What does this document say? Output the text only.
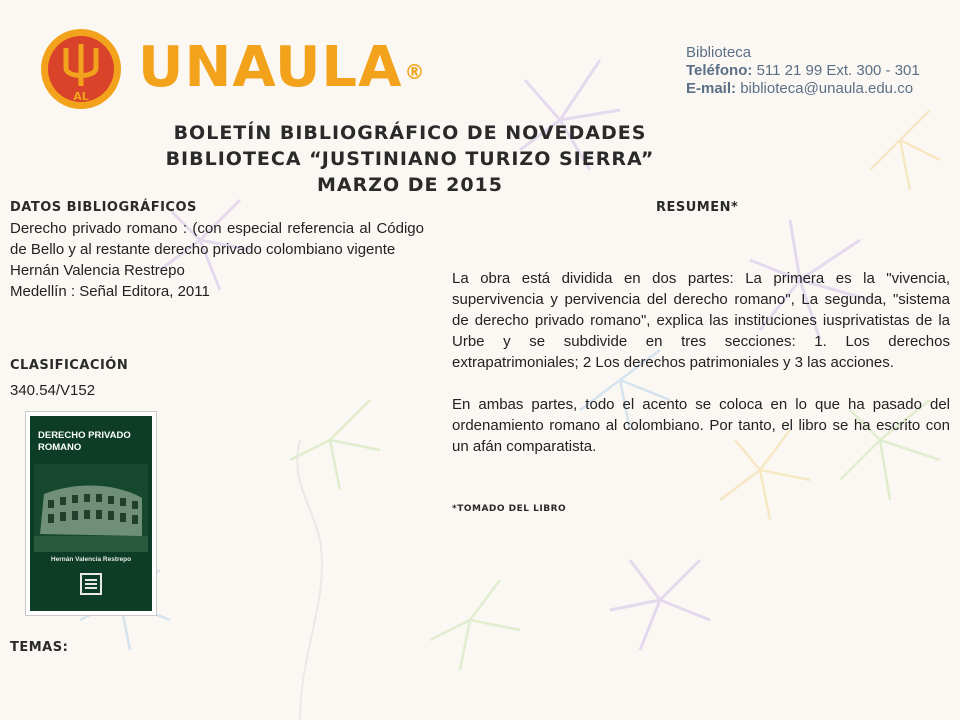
AL UNAULA ®
Biblioteca
Teléfono: 511 21 99 Ext. 300 - 301
E-mail: biblioteca@unaula.edu.co
BOLETÍN BIBLIOGRÁFICO DE NOVEDADES
BIBLIOTECA “JUSTINIANO TURIZO SIERRA”
MARZO DE 2015
DATOS BIBLIOGRÁFICOS
Derecho privado romano : (con especial referencia al Código de Bello y al restante derecho privado colombiano vigente
Hernán Valencia Restrepo
Medellín : Señal Editora, 2011
CLASIFICACIÓN
340.54/V152
DERECHO PRIVADO
ROMANO
Hernán Valencia Restrepo
TEMAS:
RESUMEN*

La obra está dividida en dos partes: La primera es la "vivencia, supervivencia y pervivencia del derecho romano", La segunda, "sistema de derecho privado romano", explica las instituciones iusprivatistas de la Urbe y se subdivide en tres secciones: 1. Los derechos extrapatrimoniales; 2 Los derechos patrimoniales y 3 las acciones.

En ambas partes, todo el acento se coloca en lo que ha pasado del ordenamiento romano al colombiano. Por tanto, el libro se ha escrito con un afán comparatista.

*TOMADO DEL LIBRO
